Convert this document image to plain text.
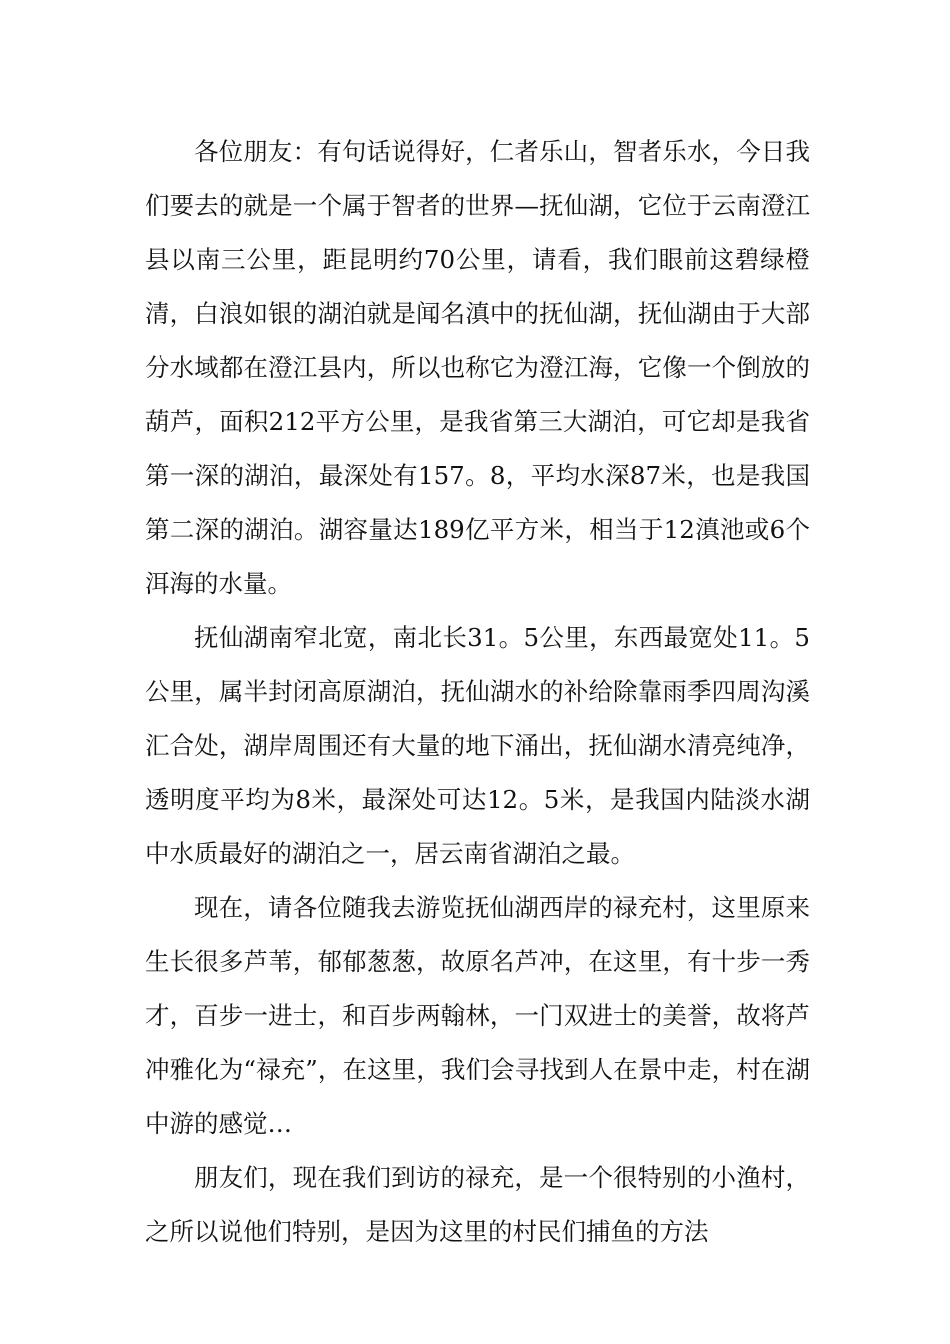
各位朋友：有句话说得好，仁者乐山，智者乐水，今日我们要去的就是一个属于智者的世界—抚仙湖，它位于云南澄江县以南三公里，距昆明约70公里，请看，我们眼前这碧绿橙清，白浪如银的湖泊就是闻名滇中的抚仙湖，抚仙湖由于大部分水域都在澄江县内，所以也称它为澄江海，它像一个倒放的葫芦，面积212平方公里，是我省第三大湖泊，可它却是我省第一深的湖泊，最深处有157。8，平均水深87米，也是我国第二深的湖泊。湖容量达189亿平方米，相当于12滇池或6个洱海的水量。

抚仙湖南窄北宽，南北长31。5公里，东西最宽处11。5公里，属半封闭高原湖泊，抚仙湖水的补给除靠雨季四周沟溪汇合处，湖岸周围还有大量的地下涌出，抚仙湖水清亮纯净，透明度平均为8米，最深处可达12。5米，是我国内陆淡水湖中水质最好的湖泊之一，居云南省湖泊之最。

现在，请各位随我去游览抚仙湖西岸的禄充村，这里原来生长很多芦苇，郁郁葱葱，故原名芦冲，在这里，有十步一秀才，百步一进士，和百步两翰林，一门双进士的美誉，故将芦冲雅化为“禄充”，在这里，我们会寻找到人在景中走，村在湖中游的感觉…

朋友们，现在我们到访的禄充，是一个很特别的小渔村，之所以说他们特别，是因为这里的村民们捕鱼的方法
